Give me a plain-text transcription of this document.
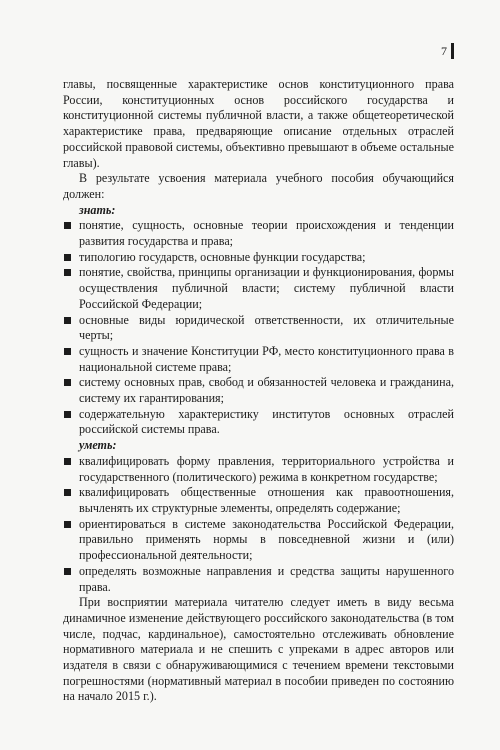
7

главы, посвященные характеристике основ конституционного права России, конституционных основ российского государства и конституционной системы публичной власти, а также общетеоретической характеристике права, предваряющие описание отдельных отраслей российской правовой системы, объективно превышают в объеме остальные главы).

В результате усвоения материала учебного пособия обучающийся должен:

знать:

понятие, сущность, основные теории происхождения и тенденции развития государства и права;
типологию государств, основные функции государства;
понятие, свойства, принципы организации и функционирования, формы осуществления публичной власти; систему публичной власти Российской Федерации;
основные виды юридической ответственности, их отличительные черты;
сущность и значение Конституции РФ, место конституционного права в национальной системе права;
систему основных прав, свобод и обязанностей человека и гражданина, систему их гарантирования;
содержательную характеристику институтов основных отраслей российской системы права.

уметь:

квалифицировать форму правления, территориального устройства и государственного (политического) режима в конкретном государстве;
квалифицировать общественные отношения как правоотношения, вычленять их структурные элементы, определять содержание;
ориентироваться в системе законодательства Российской Федерации, правильно применять нормы в повседневной жизни и (или) профессиональной деятельности;
определять возможные направления и средства защиты нарушенного права.

При восприятии материала читателю следует иметь в виду весьма динамичное изменение действующего российского законодательства (в том числе, подчас, кардинальное), самостоятельно отслеживать обновление нормативного материала и не спешить с упреками в адрес авторов или издателя в связи с обнаруживающимися с течением времени текстовыми погрешностями (нормативный материал в пособии приведен по состоянию на начало 2015 г.).
